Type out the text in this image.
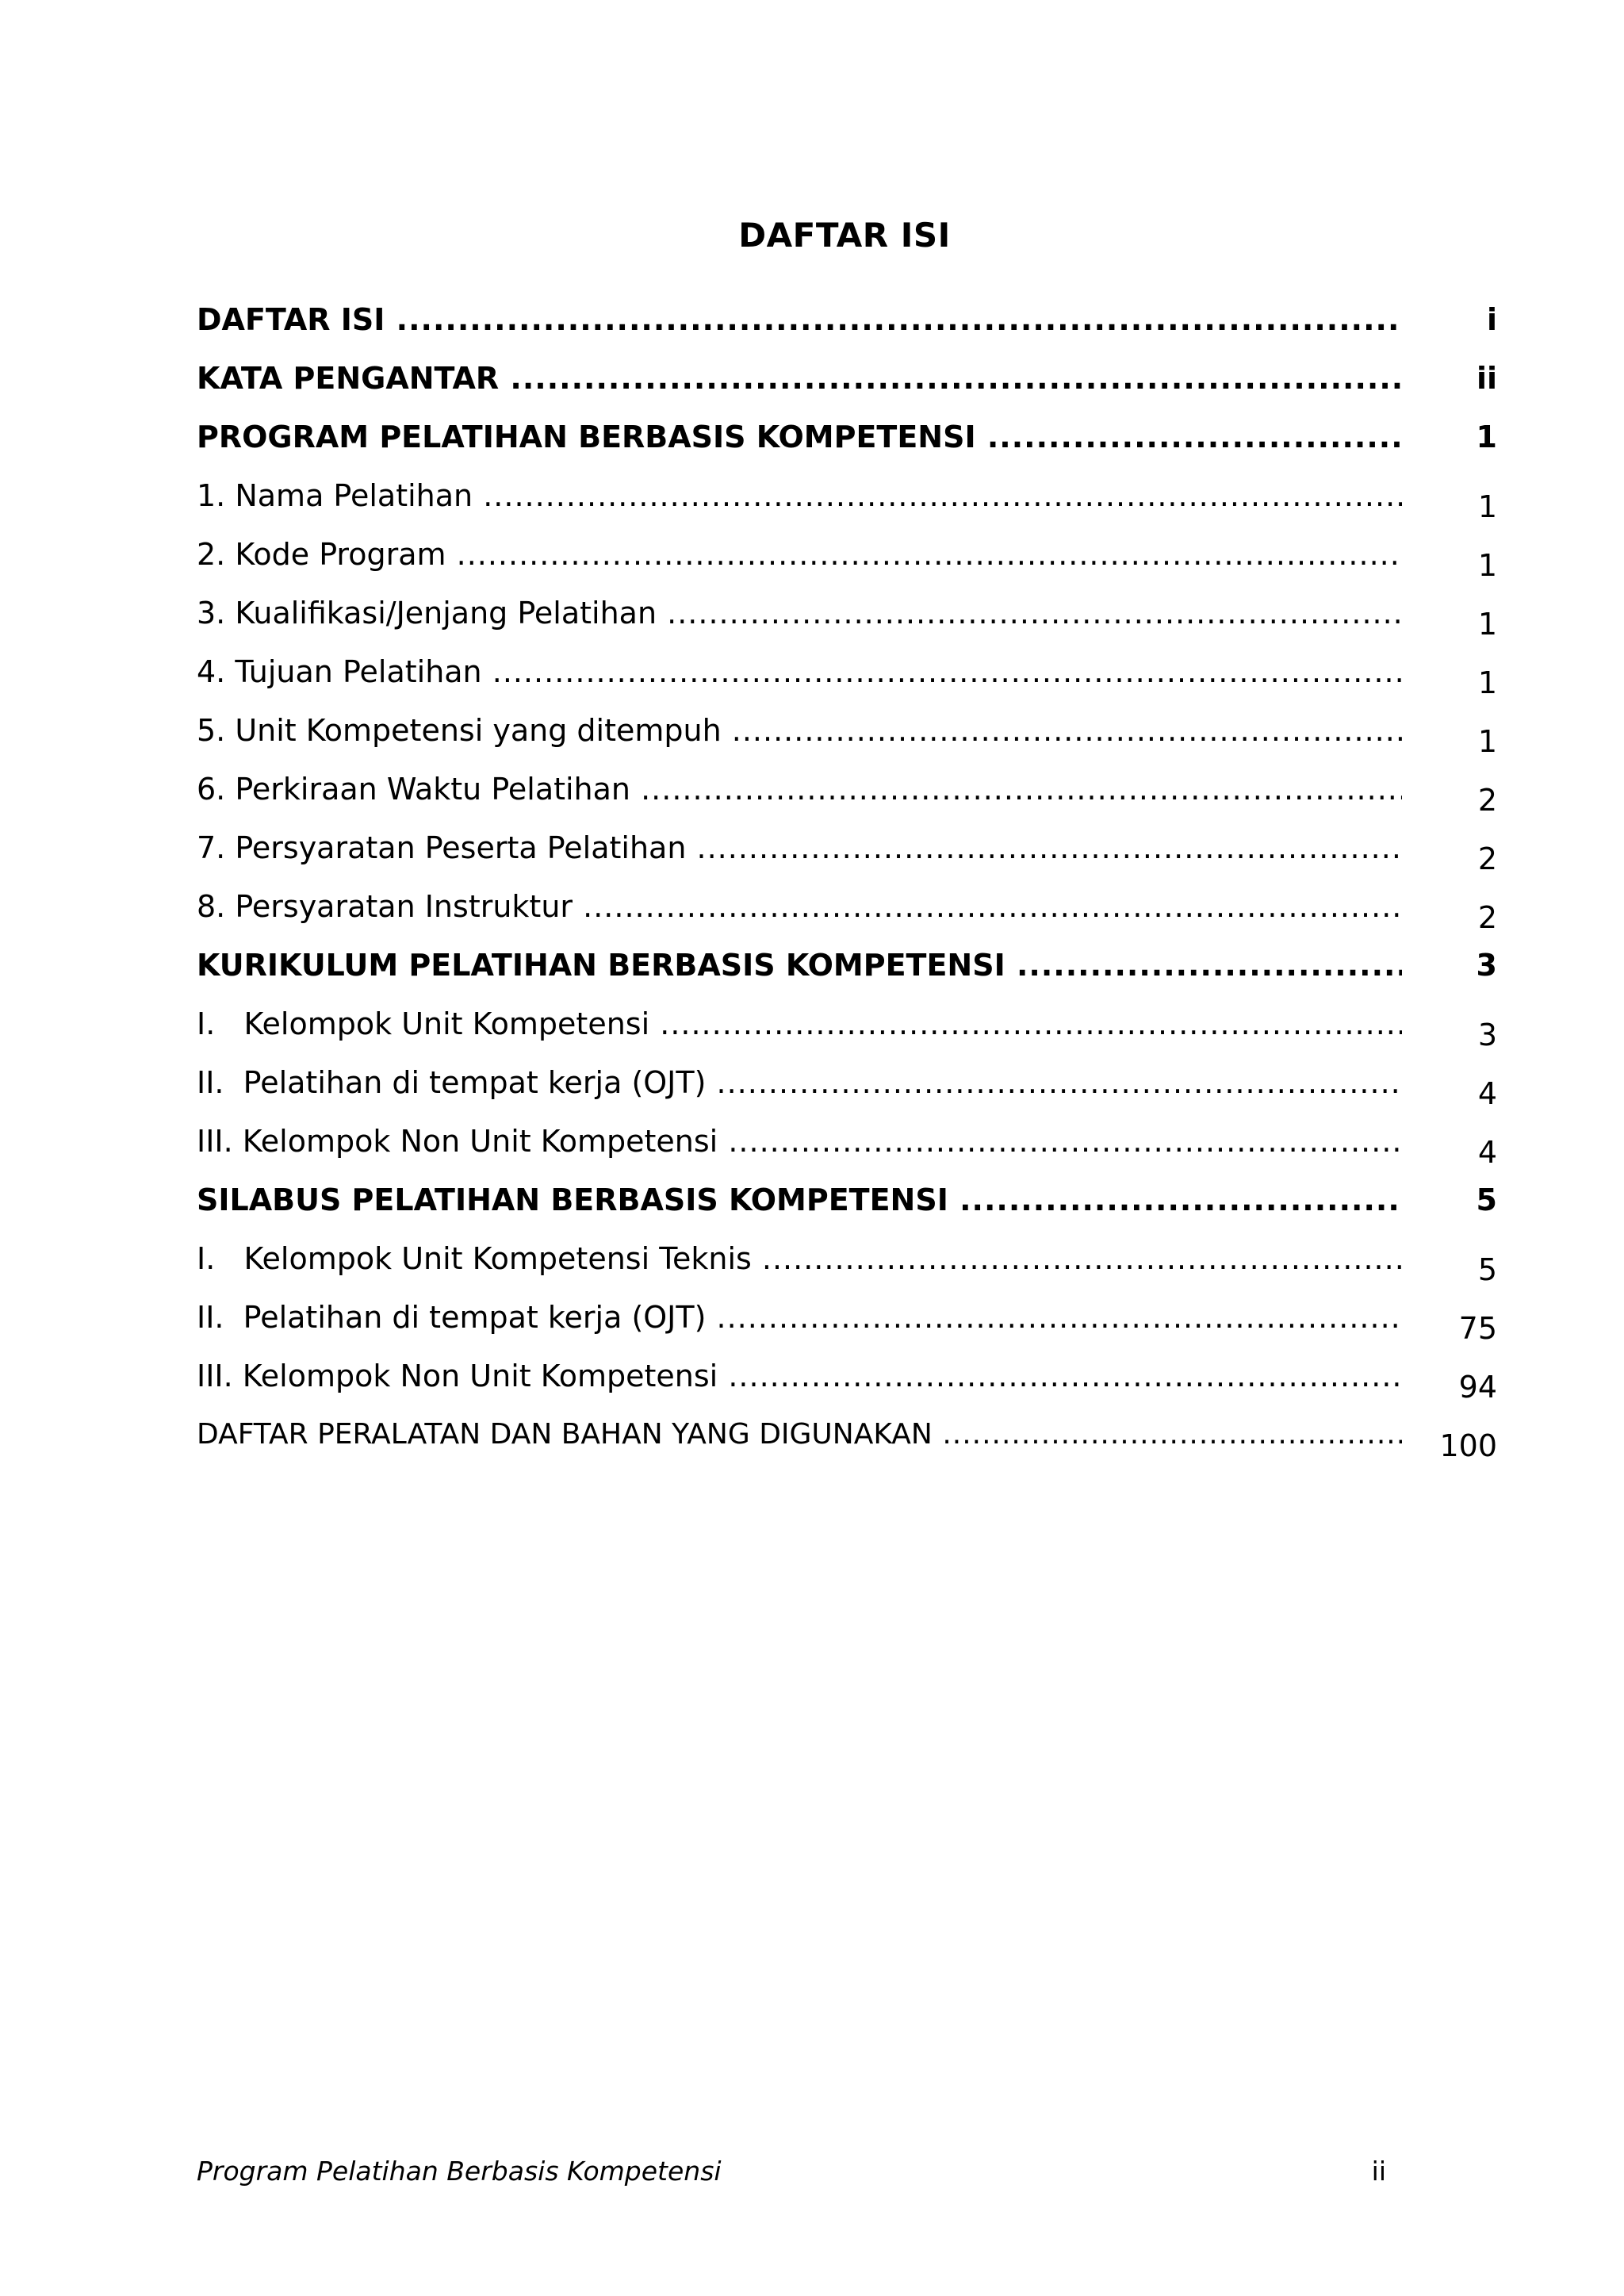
DAFTAR ISI
DAFTAR ISI .....	i
KATA PENGANTAR .....	ii
PROGRAM PELATIHAN BERBASIS KOMPETENSI .....	1
1. Nama Pelatihan .....	1
2. Kode Program .....	1
3. Kualifikasi/Jenjang Pelatihan .....	1
4. Tujuan Pelatihan .....	1
5. Unit Kompetensi yang ditempuh .....	1
6. Perkiraan Waktu Pelatihan .....	2
7. Persyaratan Peserta Pelatihan .....	2
8. Persyaratan Instruktur .....	2
KURIKULUM PELATIHAN BERBASIS KOMPETENSI .....	3
I.   Kelompok Unit Kompetensi .....	3
II.  Pelatihan di tempat kerja (OJT) .....	4
III. Kelompok Non Unit Kompetensi .....	4
SILABUS PELATIHAN BERBASIS KOMPETENSI .....	5
I.   Kelompok Unit Kompetensi Teknis .....	5
II.  Pelatihan di tempat kerja (OJT) .....	75
III. Kelompok Non Unit Kompetensi .....	94
DAFTAR PERALATAN DAN BAHAN YANG DIGUNAKAN .....	100
Program Pelatihan Berbasis Kompetensi	ii
